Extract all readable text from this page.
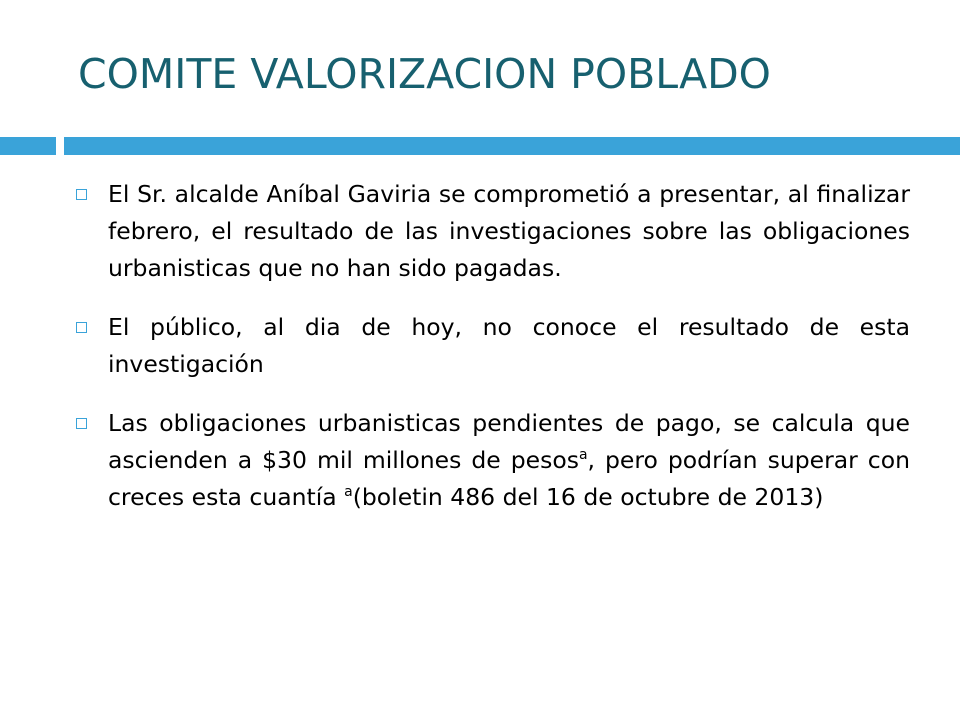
COMITE VALORIZACION POBLADO
El Sr. alcalde Aníbal Gaviria se comprometió a presentar, al finalizar febrero, el resultado de las investigaciones sobre las obligaciones urbanisticas que no han sido pagadas.
El público, al dia de hoy, no conoce el resultado de esta investigación
Las obligaciones urbanisticas pendientes de pago, se calcula que ascienden a $30 mil millones de pesos$^a$, pero podrían superar con creces esta cuantía $^a$(boletin 486 del 16 de octubre de 2013)
